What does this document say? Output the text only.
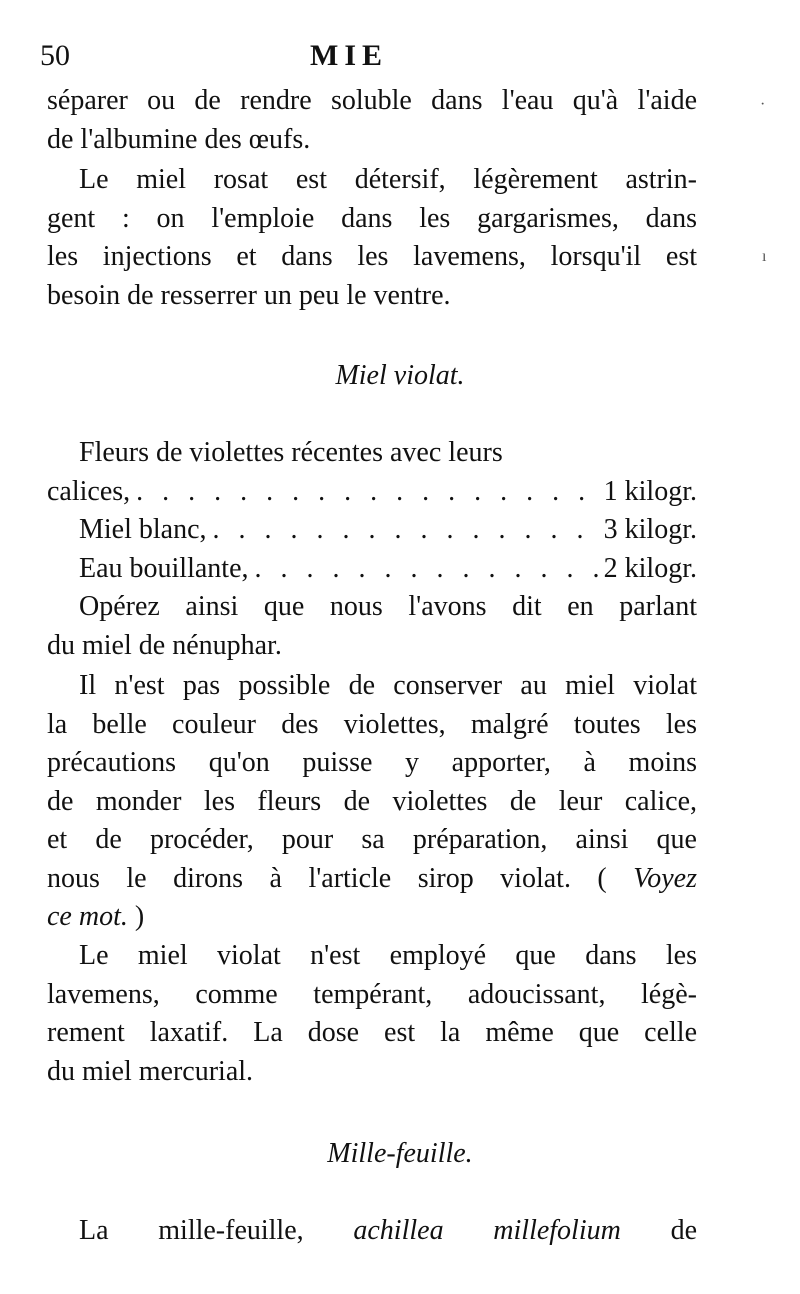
50	MIE
·
ı
séparer ou de rendre soluble dans l'eau qu'à l'aide
de l'albumine des œufs.
Le miel rosat est détersif, légèrement astrin-
gent : on l'emploie dans les gargarismes, dans
les injections et dans les lavemens, lorsqu'il est
besoin de resserrer un peu le ventre.
Miel violat.
Fleurs de violettes récentes avec leurs
calices, . . .	1 kilogr.
Miel blanc, . . .	3 kilogr.
Eau bouillante, . . .	2 kilogr.
Opérez ainsi que nous l'avons dit en parlant
du miel de nénuphar.
Il n'est pas possible de conserver au miel violat
la belle couleur des violettes, malgré toutes les
précautions qu'on puisse y apporter, à moins
de monder les fleurs de violettes de leur calice,
et de procéder, pour sa préparation, ainsi que
nous le dirons à l'article sirop violat. ( Voyez
ce mot. )
Le miel violat n'est employé que dans les
lavemens, comme tempérant, adoucissant, légè-
rement laxatif. La dose est la même que celle
du miel mercurial.
Mille-feuille.
La mille-feuille, achillea millefolium de
